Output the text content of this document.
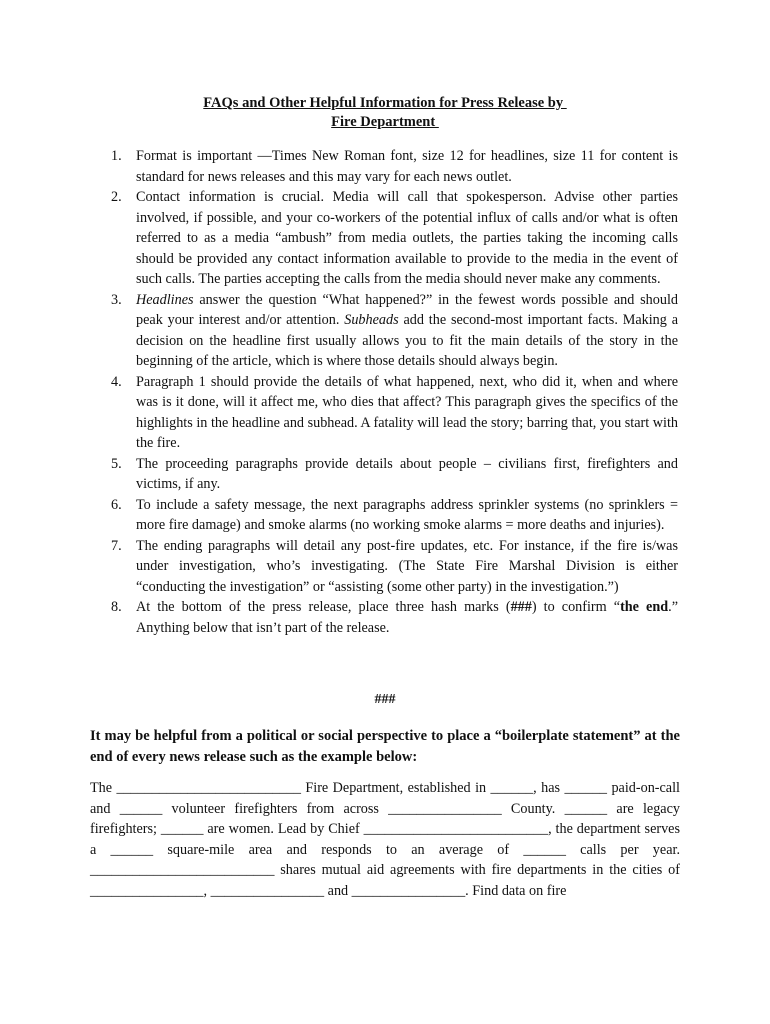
FAQs and Other Helpful Information for Press Release by
Fire Department
1. Format is important —Times New Roman font, size 12 for headlines, size 11 for content is standard for news releases and this may vary for each news outlet.
2. Contact information is crucial. Media will call that spokesperson. Advise other parties involved, if possible, and your co-workers of the potential influx of calls and/or what is often referred to as a media “ambush” from media outlets, the parties taking the incoming calls should be provided any contact information available to provide to the media in the event of such calls. The parties accepting the calls from the media should never make any comments.
3. Headlines answer the question “What happened?” in the fewest words possible and should peak your interest and/or attention. Subheads add the second-most important facts. Making a decision on the headline first usually allows you to fit the main details of the story in the beginning of the article, which is where those details should always begin.
4. Paragraph 1 should provide the details of what happened, next, who did it, when and where was is it done, will it affect me, who dies that affect? This paragraph gives the specifics of the highlights in the headline and subhead. A fatality will lead the story; barring that, you start with the fire.
5. The proceeding paragraphs provide details about people – civilians first, firefighters and victims, if any.
6. To include a safety message, the next paragraphs address sprinkler systems (no sprinklers = more fire damage) and smoke alarms (no working smoke alarms = more deaths and injuries).
7. The ending paragraphs will detail any post-fire updates, etc. For instance, if the fire is/was under investigation, who’s investigating. (The State Fire Marshal Division is either “conducting the investigation” or “assisting (some other party) in the investigation.”)
8. At the bottom of the press release, place three hash marks (###) to confirm “the end.” Anything below that isn’t part of the release.
###
It may be helpful from a political or social perspective to place a “boilerplate statement” at the end of every news release such as the example below:
The __________________________ Fire Department, established in ______, has ______ paid-on-call and ______ volunteer firefighters from across ________________ County. ______ are legacy firefighters; ______ are women. Lead by Chief __________________________, the department serves a ______ square-mile area and responds to an average of ______ calls per year. __________________________ shares mutual aid agreements with fire departments in the cities of ________________, ________________ and ________________. Find data on fire
